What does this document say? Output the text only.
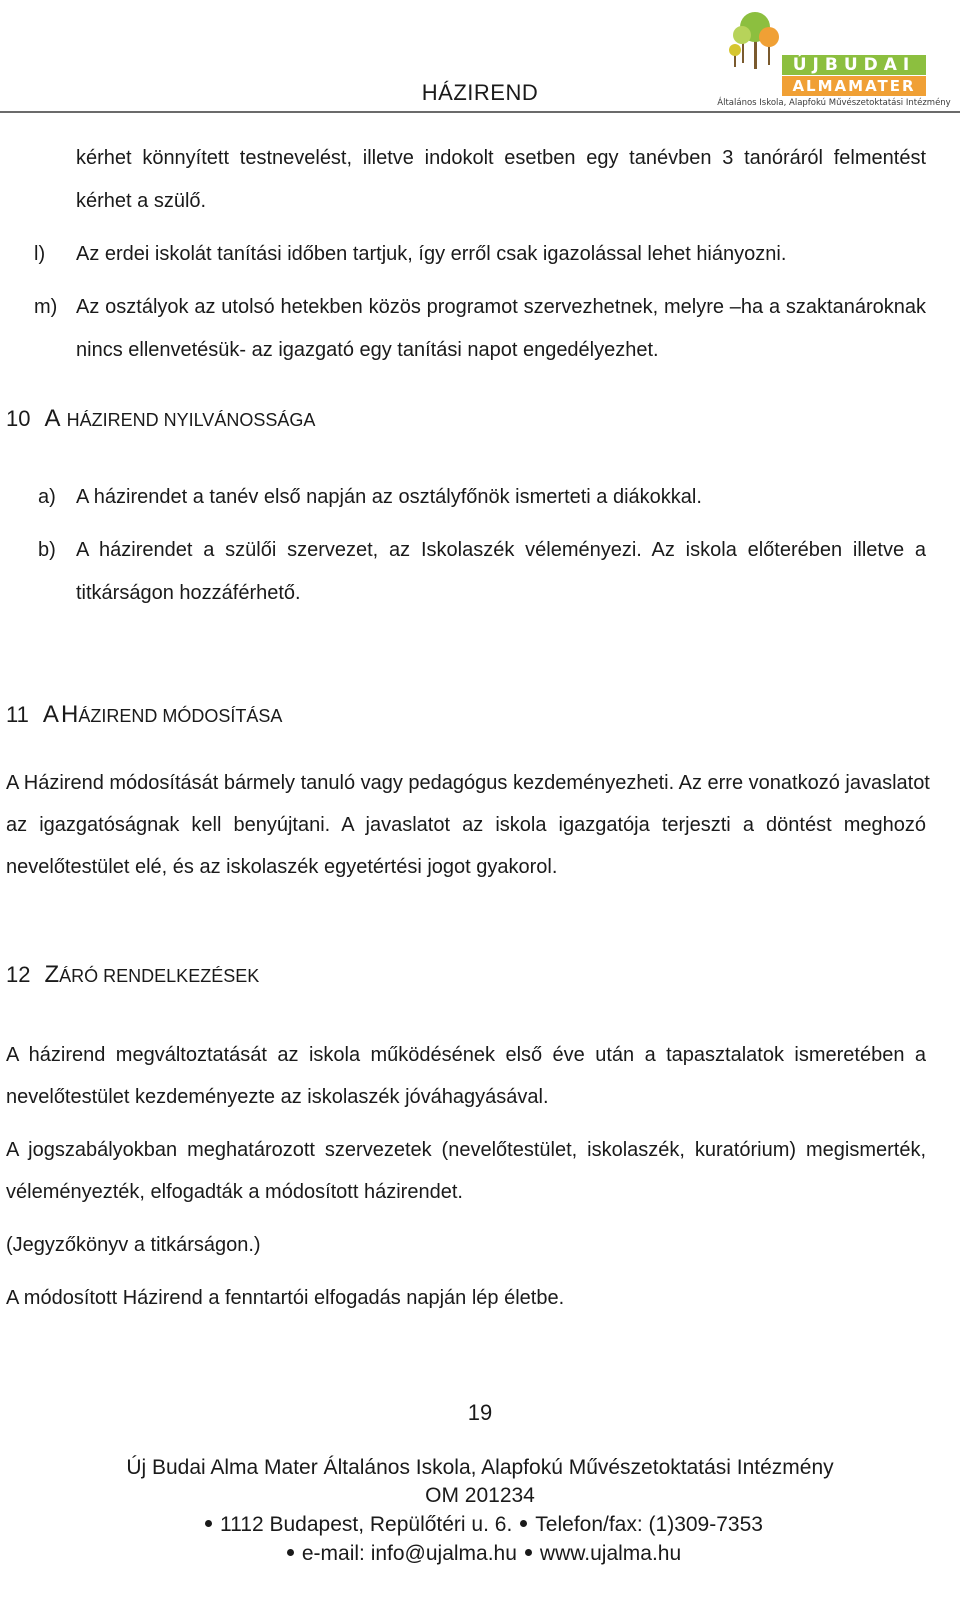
HÁZIREND
ÚJBUDAI
ALMAMATER
Általános Iskola, Alapfokú Művészetoktatási Intézmény
kérhet könnyített testnevelést, illetve indokolt esetben egy tanévben 3 tanóráról felmentést
kérhet a szülő.
l) Az erdei iskolát tanítási időben tartjuk, így erről csak igazolással lehet hiányozni.
m) Az osztályok az utolsó hetekben közös programot szervezhetnek, melyre –ha a szaktanároknak
nincs ellenvetésük- az igazgató egy tanítási napot engedélyezhet.
10 A HÁZIREND NYILVÁNOSSÁGA
a) A házirendet a tanév első napján az osztályfőnök ismerteti a diákokkal.
b) A házirendet a szülői szervezet, az Iskolaszék véleményezi. Az iskola előterében illetve a
titkárságon hozzáférhető.
11 A HÁZIREND MÓDOSÍTÁSA
A Házirend módosítását bármely tanuló vagy pedagógus kezdeményezheti. Az erre vonatkozó javaslatot
az igazgatóságnak kell benyújtani. A javaslatot az iskola igazgatója terjeszti a döntést meghozó
nevelőtestület elé, és az iskolaszék egyetértési jogot gyakorol.
12 ZÁRÓ RENDELKEZÉSEK
A házirend megváltoztatását az iskola működésének első éve után a tapasztalatok ismeretében a
nevelőtestület kezdeményezte az iskolaszék jóváhagyásával.
A jogszabályokban meghatározott szervezetek (nevelőtestület, iskolaszék, kuratórium) megismerték,
véleményezték, elfogadták a módosított házirendet.
(Jegyzőkönyv a titkárságon.)
A módosított Házirend a fenntartói elfogadás napján lép életbe.
19
Új Budai Alma Mater Általános Iskola, Alapfokú Művészetoktatási Intézmény
OM 201234
1112 Budapest, Repülőtéri u. 6. Telefon/fax: (1)309-7353
e-mail: info@ujalma.hu www.ujalma.hu
